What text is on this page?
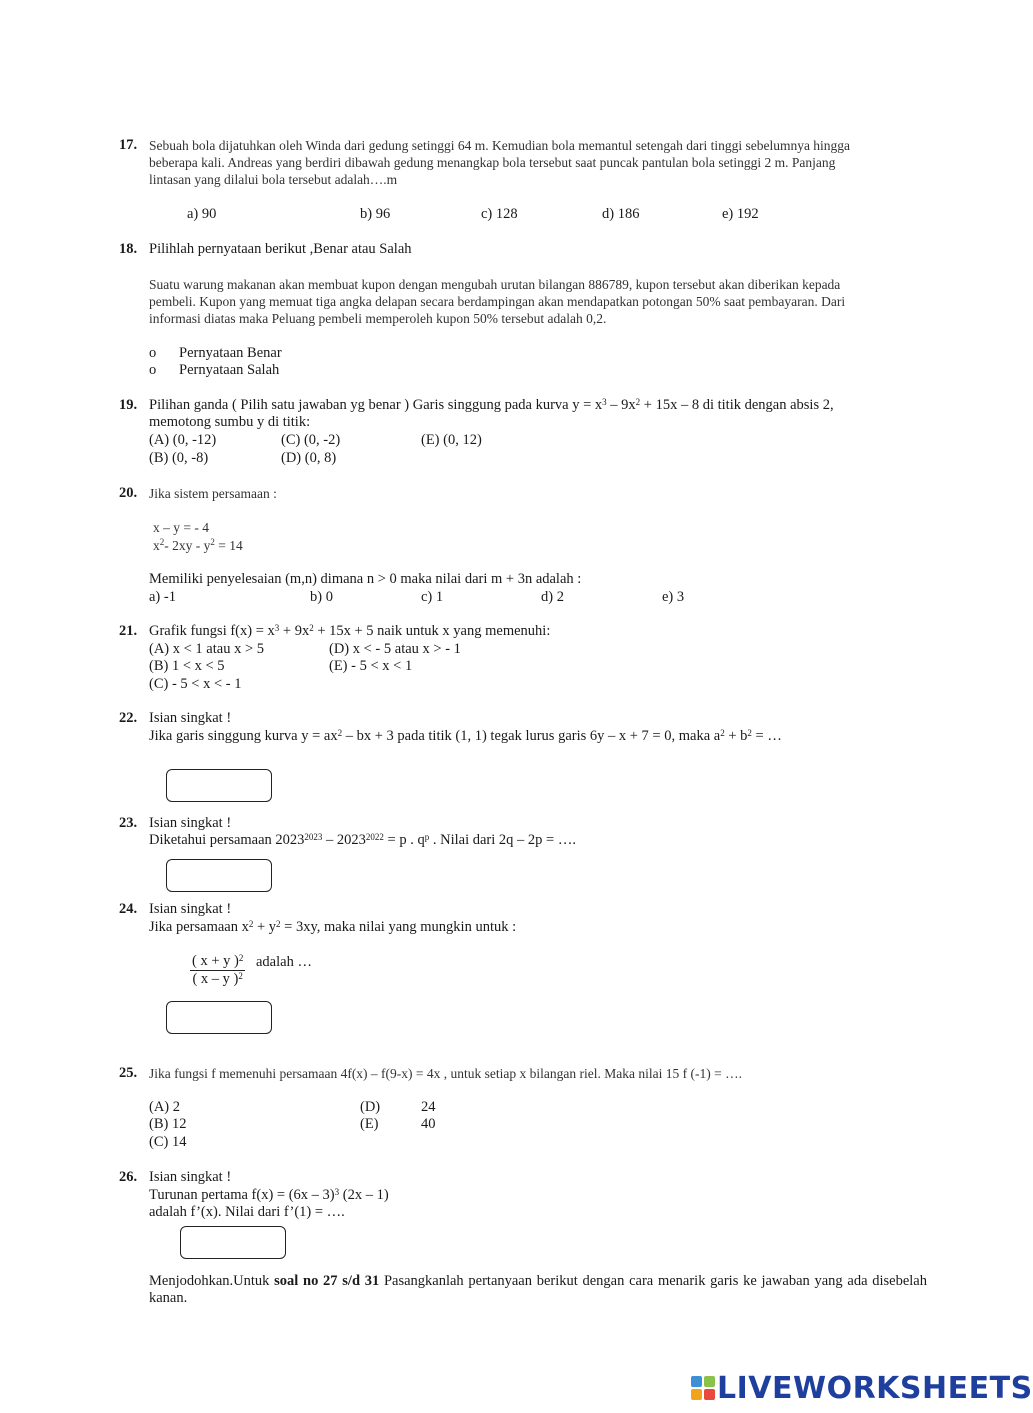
17. Sebuah bola dijatuhkan oleh Winda dari gedung setinggi 64 m. Kemudian bola memantul setengah dari tinggi sebelumnya hingga
beberapa kali. Andreas yang berdiri dibawah gedung menangkap bola tersebut saat puncak pantulan bola setinggi 2 m. Panjang
lintasan yang dilalui bola tersebut adalah….m
a) 90	b) 96	c) 128	d) 186	e) 192
18. Pilihlah pernyataan berikut ,Benar atau Salah
Suatu warung makanan akan membuat kupon dengan mengubah urutan bilangan 886789, kupon tersebut akan diberikan kepada
pembeli. Kupon yang memuat tiga angka delapan secara berdampingan akan mendapatkan potongan 50% saat pembayaran. Dari
informasi diatas maka Peluang pembeli memperoleh kupon 50% tersebut adalah 0,2.
o Pernyataan Benar
o Pernyataan Salah
19. Pilihan ganda ( Pilih satu jawaban yg benar ) Garis singgung pada kurva $y = x^3 - 9x^2 + 15x - 8$ di titik dengan absis 2,
memotong sumbu y di titik:
(A) (0, -12)	(C) (0, -2)	(E) (0, 12)
(B) (0, -8)	(D) (0, 8)
20. Jika sistem persamaan :
x – y = - 4
$x^2-$ $2xy - y^2 = 14$
Memiliki penyelesaian (m,n) dimana n > 0 maka nilai dari m + 3n adalah :
a) -1	b) 0	c) 1	d) 2	e) 3
21. Grafik fungsi $f(x) = x^3 + 9x^2 + 15x + 5$ naik untuk x yang memenuhi:
(A) x < 1 atau x > 5	(D) x < - 5 atau x > - 1
(B) 1 < x < 5	(E) - 5 < x < 1
(C) - 5 < x < - 1
22. Isian singkat !
Jika garis singgung kurva $y = ax^2$ – bx + 3 pada titik (1, 1) tegak lurus garis 6y – x + 7 = 0, maka $a^2 + b^2$ = …
23. Isian singkat !
Diketahui persamaan $2023^{2023} - 2023^{2022} = p$ . $q^p$ . Nilai dari 2q – 2p = ….
24. Isian singkat !
Jika persamaan $x^2 + y^2 = 3xy$, maka nilai yang mungkin untuk :
$\frac{( x + y )^2}{( x - y )^2}$ adalah …
25. Jika fungsi f memenuhi persamaan 4f(x) – f(9-x) = 4x , untuk setiap x bilangan riel. Maka nilai 15 f (-1) = ….
(A) 2	(D)	24
(B) 12	(E)	40
(C) 14
26. Isian singkat !
Turunan pertama f(x) = (6x – 3)$^3$ (2x – 1)
adalah f’(x). Nilai dari f’(1) = ….
Menjodohkan.Untuk soal no 27 s/d 31 Pasangkanlah pertanyaan berikut dengan cara menarik garis ke jawaban yang ada disebelah kanan.
LIVEWORKSHEETS
